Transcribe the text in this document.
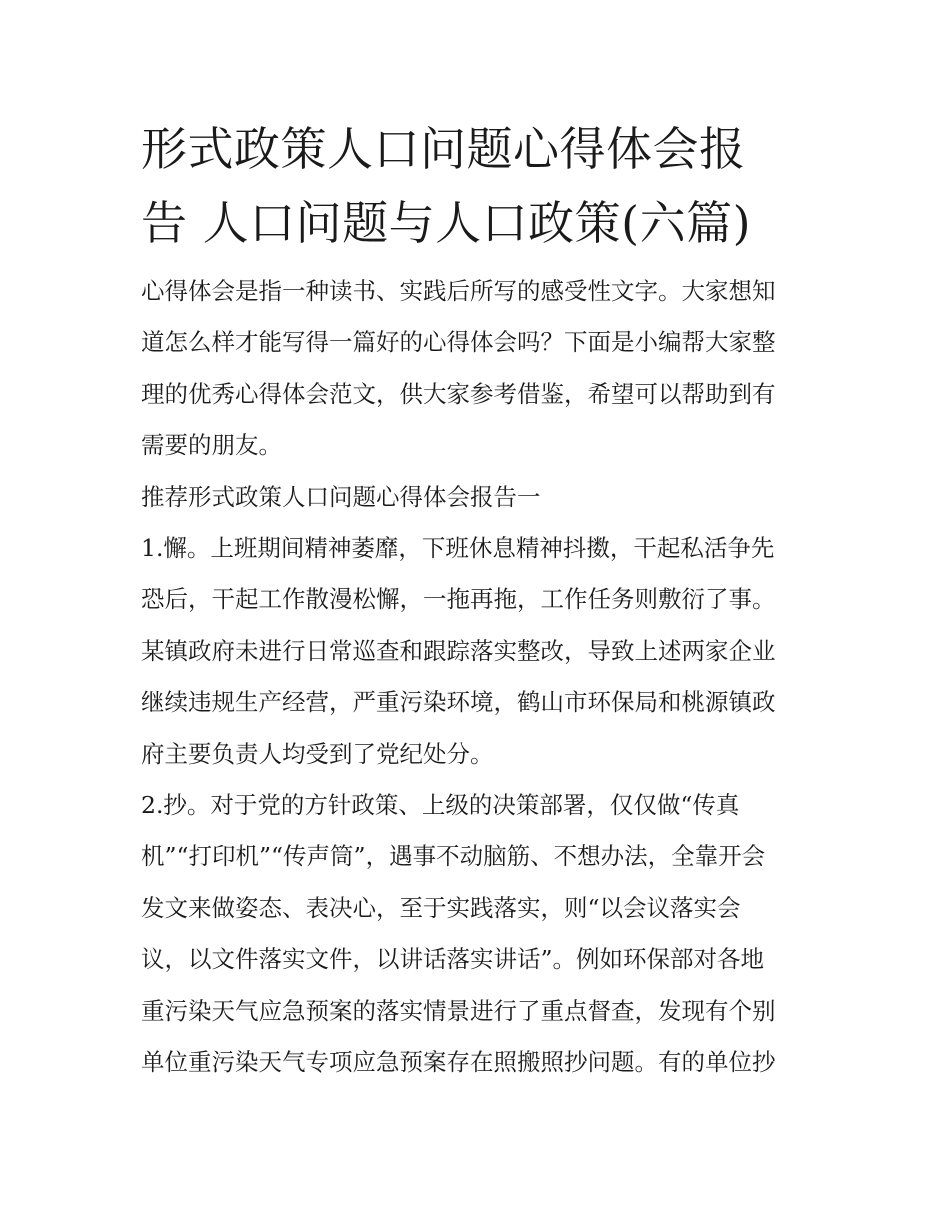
形式政策人口问题心得体会报
告 人口问题与人口政策(六篇)
心得体会是指一种读书、实践后所写的感受性文字。大家想知
道怎么样才能写得一篇好的心得体会吗？下面是小编帮大家整
理的优秀心得体会范文，供大家参考借鉴，希望可以帮助到有
需要的朋友。
推荐形式政策人口问题心得体会报告一
1.懈。上班期间精神萎靡，下班休息精神抖擞，干起私活争先
恐后，干起工作散漫松懈，一拖再拖，工作任务则敷衍了事。
某镇政府未进行日常巡查和跟踪落实整改，导致上述两家企业
继续违规生产经营，严重污染环境，鹤山市环保局和桃源镇政
府主要负责人均受到了党纪处分。
2.抄。对于党的方针政策、上级的决策部署，仅仅做“传真
机”“打印机”“传声筒”，遇事不动脑筋、不想办法，全靠开会
发文来做姿态、表决心，至于实践落实，则“以会议落实会
议，以文件落实文件，以讲话落实讲话”。例如环保部对各地
重污染天气应急预案的落实情景进行了重点督查，发现有个别
单位重污染天气专项应急预案存在照搬照抄问题。有的单位抄
